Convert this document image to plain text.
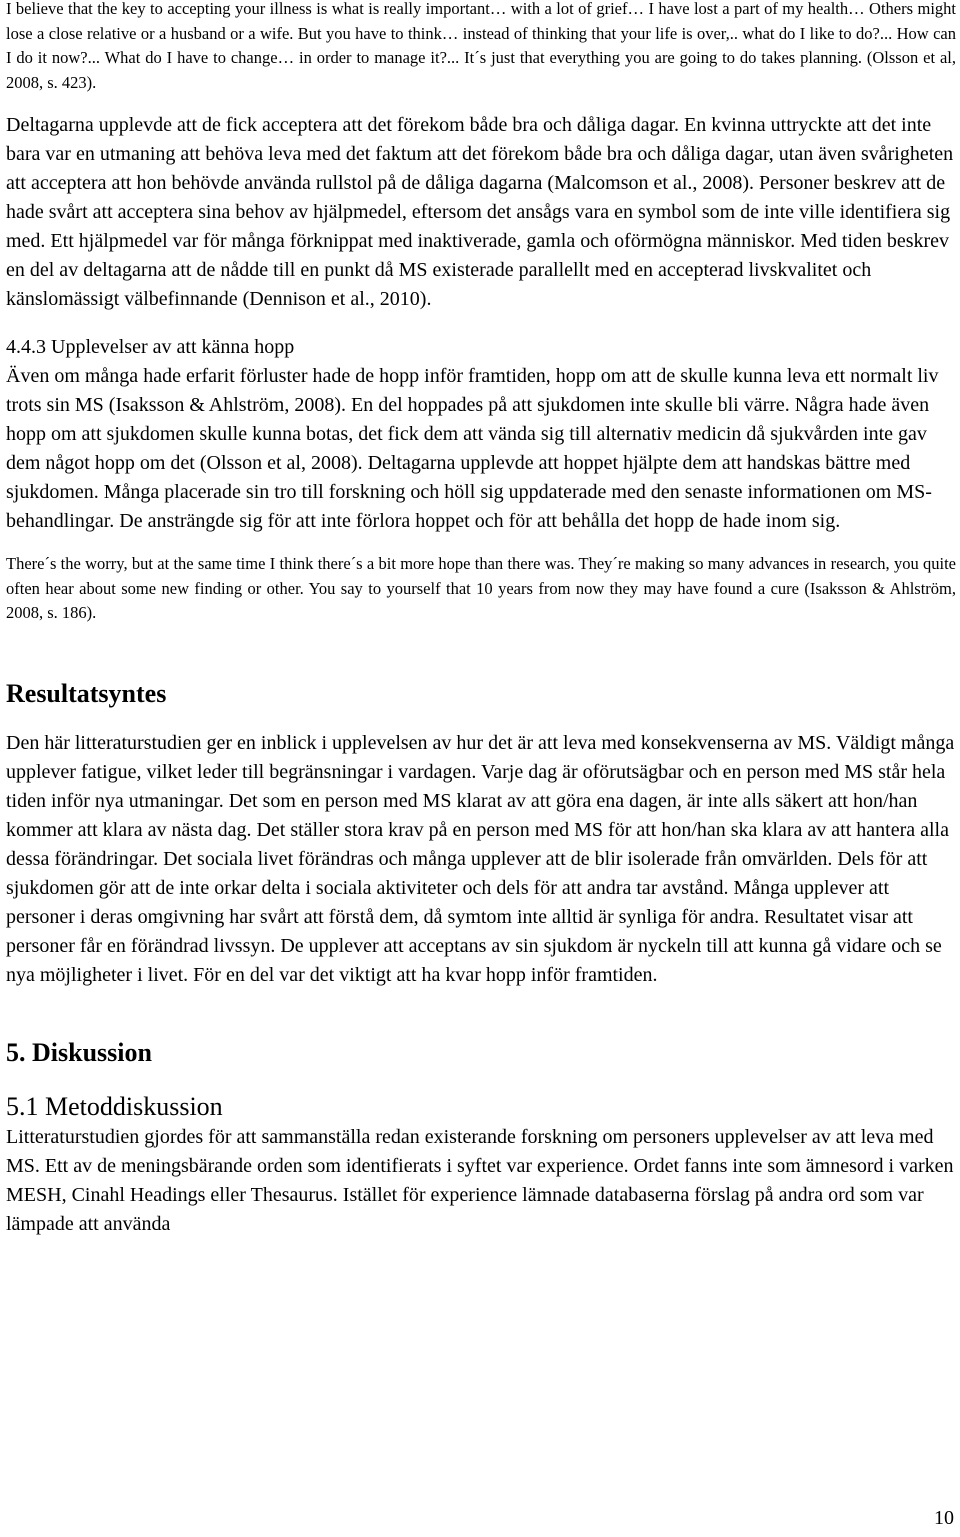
I believe that the key to accepting your illness is what is really important… with a lot of grief… I have lost a part of my health… Others might lose a close relative or a husband or a wife. But you have to think… instead of thinking that your life is over,.. what do I like to do?... How can I do it now?... What do I have to change… in order to manage it?... It´s just that everything you are going to do takes planning. (Olsson et al, 2008, s. 423).

Deltagarna upplevde att de fick acceptera att det förekom både bra och dåliga dagar. En kvinna uttryckte att det inte bara var en utmaning att behöva leva med det faktum att det förekom både bra och dåliga dagar, utan även svårigheten att acceptera att hon behövde använda rullstol på de dåliga dagarna (Malcomson et al., 2008). Personer beskrev att de hade svårt att acceptera sina behov av hjälpmedel, eftersom det ansågs vara en symbol som de inte ville identifiera sig med. Ett hjälpmedel var för många förknippat med inaktiverade, gamla och oförmögna människor. Med tiden beskrev en del av deltagarna att de nådde till en punkt då MS existerade parallellt med en accepterad livskvalitet och känslomässigt välbefinnande (Dennison et al., 2010).

4.4.3 Upplevelser av att känna hopp

Även om många hade erfarit förluster hade de hopp inför framtiden, hopp om att de skulle kunna leva ett normalt liv trots sin MS (Isaksson & Ahlström, 2008). En del hoppades på att sjukdomen inte skulle bli värre. Några hade även hopp om att sjukdomen skulle kunna botas, det fick dem att vända sig till alternativ medicin då sjukvården inte gav dem något hopp om det (Olsson et al, 2008). Deltagarna upplevde att hoppet hjälpte dem att handskas bättre med sjukdomen. Många placerade sin tro till forskning och höll sig uppdaterade med den senaste informationen om MS-behandlingar. De ansträngde sig för att inte förlora hoppet och för att behålla det hopp de hade inom sig.

There´s the worry, but at the same time I think there´s a bit more hope than there was. They´re making so many advances in research, you quite often hear about some new finding or other. You say to yourself that 10 years from now they may have found a cure (Isaksson & Ahlström, 2008, s. 186).

Resultatsyntes

Den här litteraturstudien ger en inblick i upplevelsen av hur det är att leva med konsekvenserna av MS. Väldigt många upplever fatigue, vilket leder till begränsningar i vardagen. Varje dag är oförutsägbar och en person med MS står hela tiden inför nya utmaningar. Det som en person med MS klarat av att göra ena dagen, är inte alls säkert att hon/han kommer att klara av nästa dag. Det ställer stora krav på en person med MS för att hon/han ska klara av att hantera alla dessa förändringar. Det sociala livet förändras och många upplever att de blir isolerade från omvärlden. Dels för att sjukdomen gör att de inte orkar delta i sociala aktiviteter och dels för att andra tar avstånd. Många upplever att personer i deras omgivning har svårt att förstå dem, då symtom inte alltid är synliga för andra. Resultatet visar att personer får en förändrad livssyn. De upplever att acceptans av sin sjukdom är nyckeln till att kunna gå vidare och se nya möjligheter i livet. För en del var det viktigt att ha kvar hopp inför framtiden.

5. Diskussion
5.1 Metoddiskussion

Litteraturstudien gjordes för att sammanställa redan existerande forskning om personers upplevelser av att leva med MS. Ett av de meningsbärande orden som identifierats i syftet var experience. Ordet fanns inte som ämnesord i varken MESH, Cinahl Headings eller Thesaurus. Istället för experience lämnade databaserna förslag på andra ord som var lämpade att använda

10
